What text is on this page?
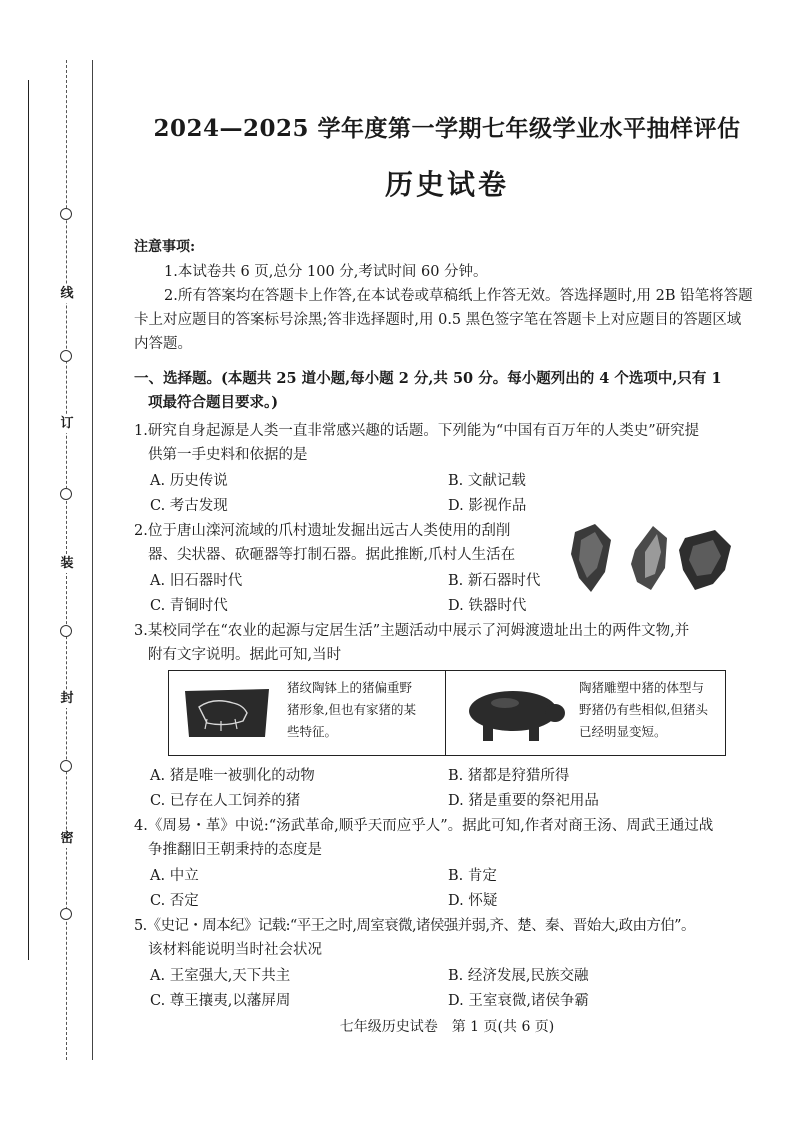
线
订
装
封
密
2024—2025 学年度第一学期七年级学业水平抽样评估
历史试卷
注意事项:
1.本试卷共 6 页,总分 100 分,考试时间 60 分钟。
2.所有答案均在答题卡上作答,在本试卷或草稿纸上作答无效。答选择题时,用 2B 铅笔将答题卡上对应题目的答案标号涂黑;答非选择题时,用 0.5 黑色签字笔在答题卡上对应题目的答题区域内答题。
一、选择题。(本题共 25 道小题,每小题 2 分,共 50 分。每小题列出的 4 个选项中,只有 1
项最符合题目要求。)
1.研究自身起源是人类一直非常感兴趣的话题。下列能为“中国有百万年的人类史”研究提
供第一手史料和依据的是
A. 历史传说	B. 文献记载
C. 考古发现	D. 影视作品
2.位于唐山滦河流域的爪村遗址发掘出远古人类使用的刮削
器、尖状器、砍砸器等打制石器。据此推断,爪村人生活在
A. 旧石器时代	B. 新石器时代
C. 青铜时代	D. 铁器时代
3.某校同学在“农业的起源与定居生活”主题活动中展示了河姆渡遗址出土的两件文物,并
附有文字说明。据此可知,当时
猪纹陶钵上的猪偏重野
猪形象,但也有家猪的某
些特征。
陶猪雕塑中猪的体型与
野猪仍有些相似,但猪头
已经明显变短。
A. 猪是唯一被驯化的动物	B. 猪都是狩猎所得
C. 已存在人工饲养的猪	D. 猪是重要的祭祀用品
4.《周易・革》中说:“汤武革命,顺乎天而应乎人”。据此可知,作者对商王汤、周武王通过战
争推翻旧王朝秉持的态度是
A. 中立	B. 肯定
C. 否定	D. 怀疑
5.《史记・周本纪》记载:“平王之时,周室衰微,诸侯强并弱,齐、楚、秦、晋始大,政由方伯”。
该材料能说明当时社会状况
A. 王室强大,天下共主	B. 经济发展,民族交融
C. 尊王攘夷,以藩屏周	D. 王室衰微,诸侯争霸
七年级历史试卷　第 1 页(共 6 页)
